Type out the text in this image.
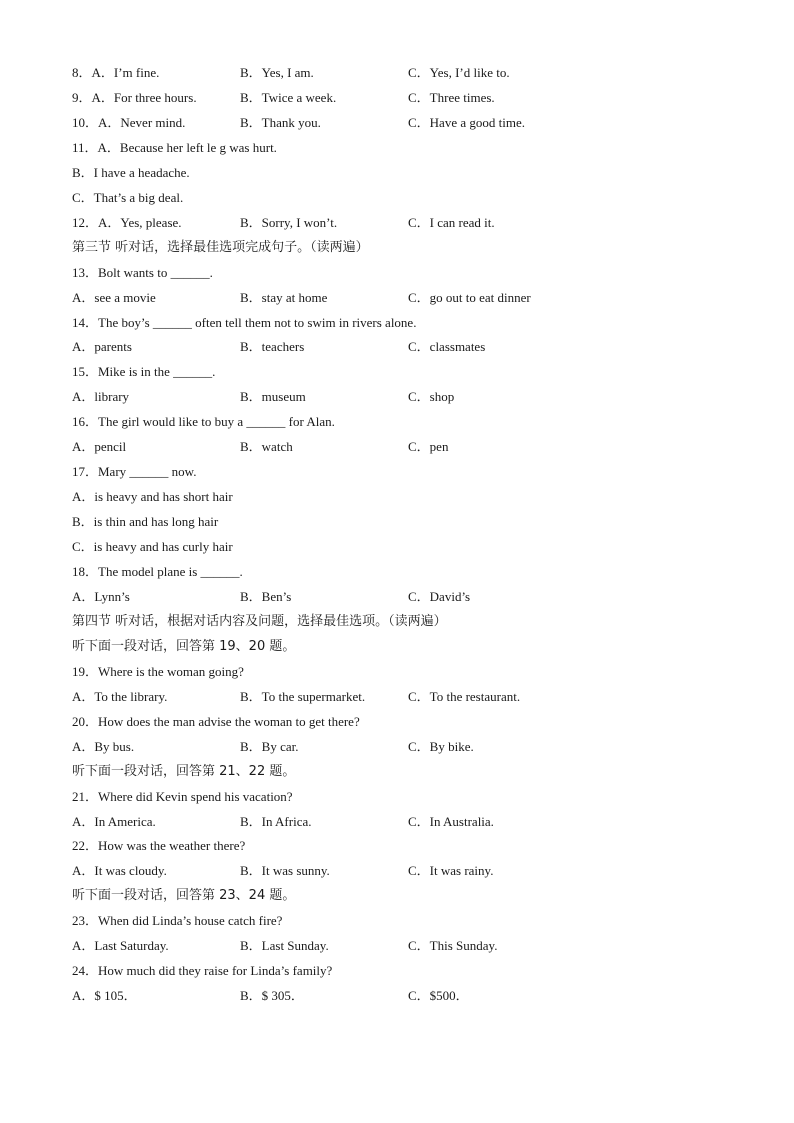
8．A．I’m fine.	B．Yes, I am.	C．Yes, I’d like to.
9．A．For three hours.	B．Twice a week.	C．Three times.
10．A．Never mind.	B．Thank you.	C．Have a good time.
11．A．Because her left le g was hurt.
B．I have a headache.
C．That’s a big deal.
12．A．Yes, please.	B．Sorry, I won’t.	C．I can read it.
第三节 听对话，选择最佳选项完成句子。（读两遍）
13．Bolt wants to ______.
A．see a movie	B．stay at home	C．go out to eat dinner
14．The boy’s ______ often tell them not to swim in rivers alone.
A．parents	B．teachers	C．classmates
15．Mike is in the ______.
A．library	B．museum	C．shop
16．The girl would like to buy a ______ for Alan.
A．pencil	B．watch	C．pen
17．Mary ______ now.
A．is heavy and has short hair
B．is thin and has long hair
C．is heavy and has curly hair
18．The model plane is ______.
A．Lynn’s	B．Ben’s	C．David’s
第四节 听对话，根据对话内容及问题，选择最佳选项。（读两遍）
听下面一段对话，回答第 19、20 题。
19．Where is the woman going?
A．To the library.	B．To the supermarket.	C．To the restaurant.
20．How does the man advise the woman to get there?
A．By bus.	B．By car.	C．By bike.
听下面一段对话，回答第 21、22 题。
21．Where did Kevin spend his vacation?
A．In America.	B．In Africa.	C．In Australia.
22．How was the weather there?
A．It was cloudy.	B．It was sunny.	C．It was rainy.
听下面一段对话，回答第 23、24 题。
23．When did Linda’s house catch fire?
A．Last Saturday.	B．Last Sunday.	C．This Sunday.
24．How much did they raise for Linda’s family?
A．$ 105．	B．$ 305．	C．$500．
